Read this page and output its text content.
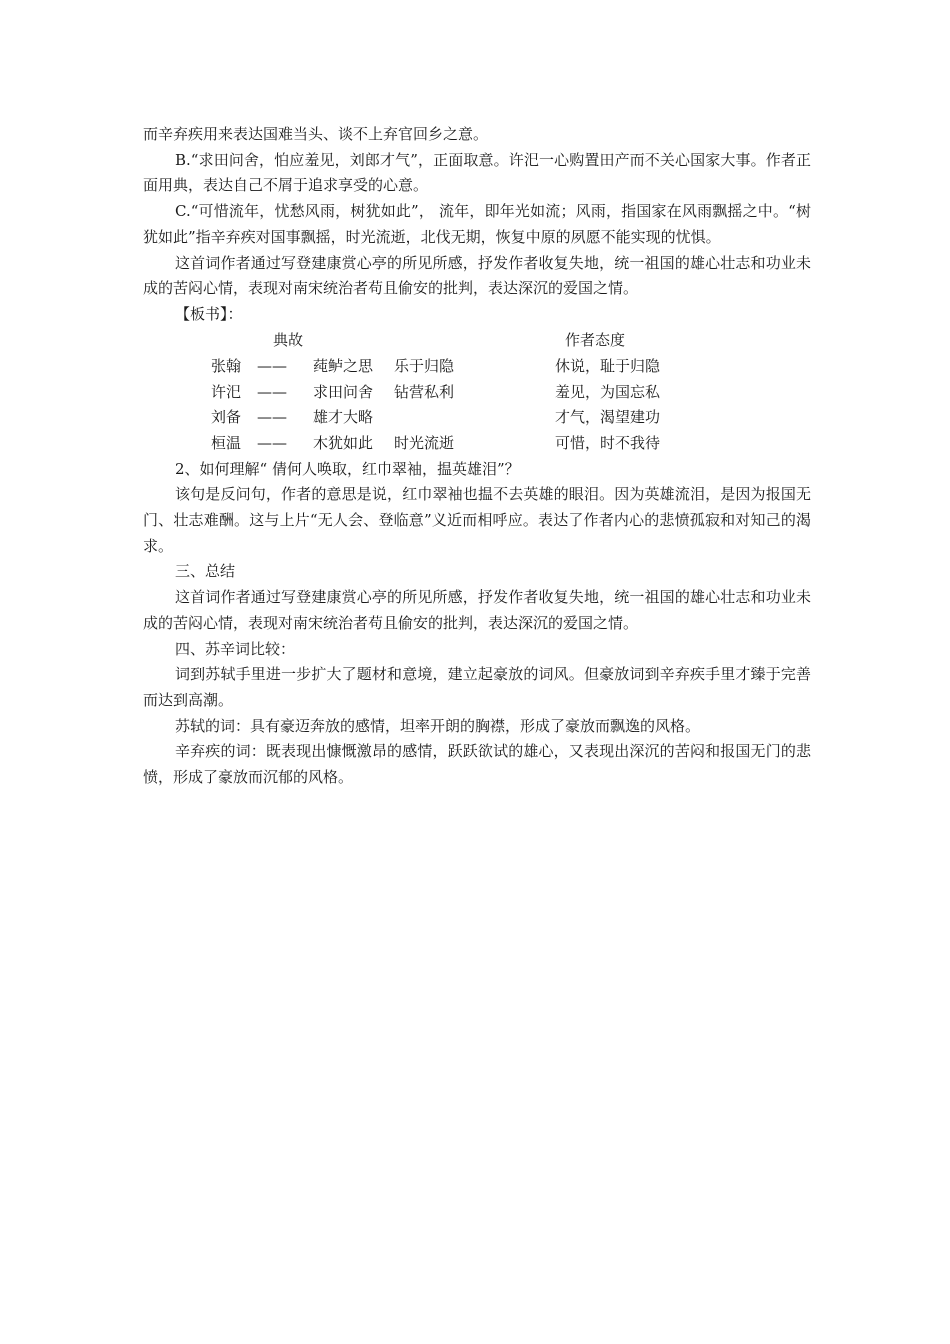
而辛弃疾用来表达国难当头、谈不上弃官回乡之意。

B.“求田问舍，怕应羞见，刘郎才气”，正面取意。许汜一心购置田产而不关心国家大事。作者正面用典，表达自己不屑于追求享受的心意。

C.“可惜流年，忧愁风雨，树犹如此”， 流年，即年光如流；风雨，指国家在风雨飘摇之中。“树犹如此”指辛弃疾对国事飘摇，时光流逝，北伐无期，恢复中原的夙愿不能实现的忧惧。

这首词作者通过写登建康赏心亭的所见所感，抒发作者收复失地，统一祖国的雄心壮志和功业未成的苦闷心情，表现对南宋统治者苟且偷安的批判，表达深沉的爱国之情。

【板书】：
典故	作者态度
张翰 —— 莼鲈之思 乐于归隐	休说，耻于归隐
许汜 —— 求田问舍 钻营私利	羞见，为国忘私
刘备 —— 雄才大略	才气，渴望建功
桓温 —— 木犹如此 时光流逝	可惜，时不我待

2、如何理解“ 倩何人唤取，红巾翠袖，揾英雄泪”？

该句是反问句，作者的意思是说，红巾翠袖也揾不去英雄的眼泪。因为英雄流泪，是因为报国无门、壮志难酬。这与上片“无人会、登临意”义近而相呼应。表达了作者内心的悲愤孤寂和对知己的渴求。

三、总结

这首词作者通过写登建康赏心亭的所见所感，抒发作者收复失地，统一祖国的雄心壮志和功业未成的苦闷心情，表现对南宋统治者苟且偷安的批判，表达深沉的爱国之情。

四、苏辛词比较：

词到苏轼手里进一步扩大了题材和意境，建立起豪放的词风。但豪放词到辛弃疾手里才臻于完善而达到高潮。

苏轼的词：具有豪迈奔放的感情，坦率开朗的胸襟，形成了豪放而飘逸的风格。

辛弃疾的词：既表现出慷慨激昂的感情，跃跃欲试的雄心，又表现出深沉的苦闷和报国无门的悲愤，形成了豪放而沉郁的风格。
